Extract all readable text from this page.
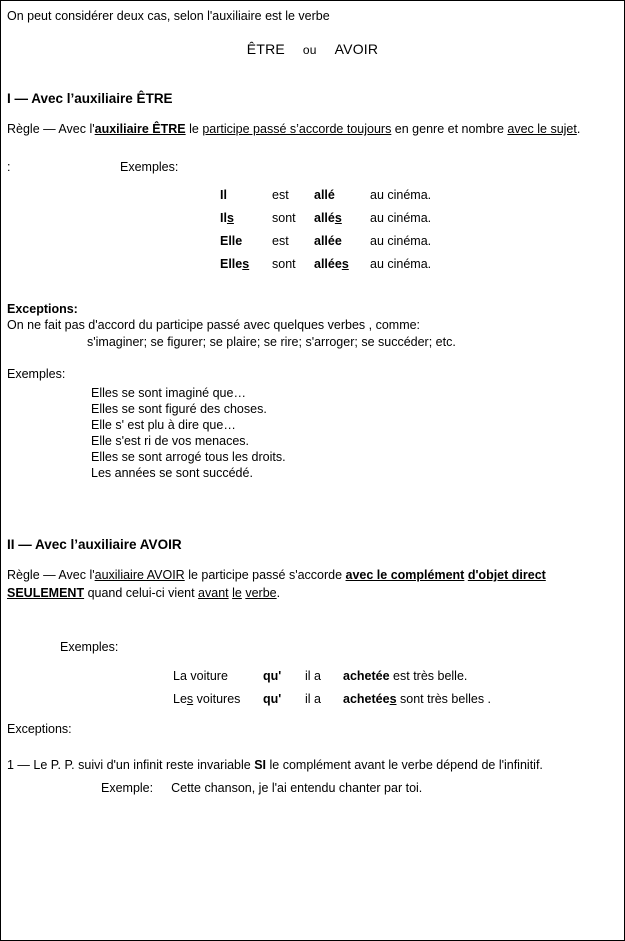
On peut considérer deux cas, selon l'auxiliaire est le verbe
ÊTRE ou AVOIR
I — Avec l’auxiliaire ÊTRE
Règle — Avec l'auxiliaire ÊTRE le participe passé s’accorde toujours en genre et nombre avec le sujet.
:	Exemples:
Il	est	allé	au cinéma.
Ils	sont	allés	au cinéma.
Elle	est	allée	au cinéma.
Elles	sont	allées	au cinéma.
Exceptions:
On ne fait pas d'accord du participe passé avec quelques verbes , comme:
s'imaginer; se figurer; se plaire; se rire; s'arroger; se succéder; etc.
Exemples:
Elles se sont imaginé que…
Elles se sont figuré des choses.
Elle s' est plu à dire que…
Elle s'est ri de vos menaces.
Elles se sont arrogé tous les droits.
Les années se sont succédé.
II — Avec l’auxiliaire AVOIR
Règle — Avec l'auxiliaire AVOIR le participe passé s'accorde avec le complément d'objet direct SEULEMENT quand celui-ci vient avant le verbe.
Exemples:
La voiture	qu'	il a	achetée est très belle.
Les voitures	qu'	il a	achetées sont très belles .
Exceptions:
1 — Le P. P. suivi d'un infinit reste invariable SI le complément avant le verbe dépend de l'infinitif.
Exemple: Cette chanson, je l'ai entendu chanter par toi.
